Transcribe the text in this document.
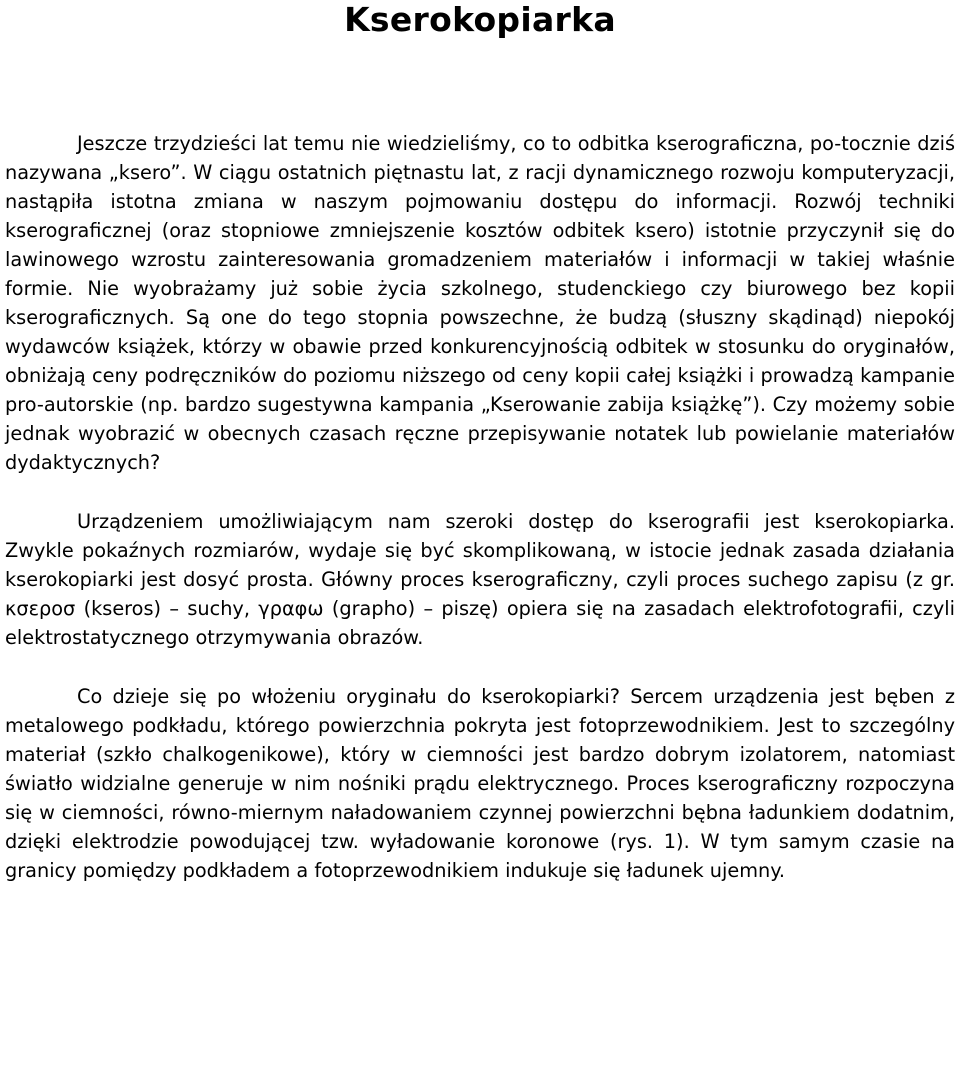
Kserokopiarka

Jeszcze trzydzieści lat temu nie wiedzieliśmy, co to odbitka kserograficzna, po-tocznie dziś nazywana „ksero”. W ciągu ostatnich piętnastu lat, z racji dynamicznego rozwoju komputeryzacji, nastąpiła istotna zmiana w naszym pojmowaniu dostępu do informacji. Rozwój techniki kserograficznej (oraz stopniowe zmniejszenie kosztów odbitek ksero) istotnie przyczynił się do lawinowego wzrostu zainteresowania gromadzeniem materiałów i informacji w takiej właśnie formie. Nie wyobrażamy już sobie życia szkolnego, studenckiego czy biurowego bez kopii kserograficznych. Są one do tego stopnia powszechne, że budzą (słuszny skądinąd) niepokój wydawców książek, którzy w obawie przed konkurencyjnością odbitek w stosunku do oryginałów, obniżają ceny podręczników do poziomu niższego od ceny kopii całej książki i prowadzą kampanie pro-autorskie (np. bardzo sugestywna kampania „Kserowanie zabija książkę”). Czy możemy sobie jednak wyobrazić w obecnych czasach ręczne przepisywanie notatek lub powielanie materiałów dydaktycznych?

Urządzeniem umożliwiającym nam szeroki dostęp do kserografii jest kserokopiarka. Zwykle pokaźnych rozmiarów, wydaje się być skomplikowaną, w istocie jednak zasada działania kserokopiarki jest dosyć prosta. Główny proces kserograficzny, czyli proces suchego zapisu (z gr. κσεροσ (kseros) – suchy, γραφω (grapho) – piszę) opiera się na zasadach elektrofotografii, czyli elektrostatycznego otrzymywania obrazów.

Co dzieje się po włożeniu oryginału do kserokopiarki? Sercem urządzenia jest bęben z metalowego podkładu, którego powierzchnia pokryta jest fotoprzewodnikiem. Jest to szczególny materiał (szkło chalkogenikowe), który w ciemności jest bardzo dobrym izolatorem, natomiast światło widzialne generuje w nim nośniki prądu elektrycznego. Proces kserograficzny rozpoczyna się w ciemności, równo-miernym naładowaniem czynnej powierzchni bębna ładunkiem dodatnim, dzięki elektrodzie powodującej tzw. wyładowanie koronowe (rys. 1). W tym samym czasie na granicy pomiędzy podkładem a fotoprzewodnikiem indukuje się ładunek ujemny.
